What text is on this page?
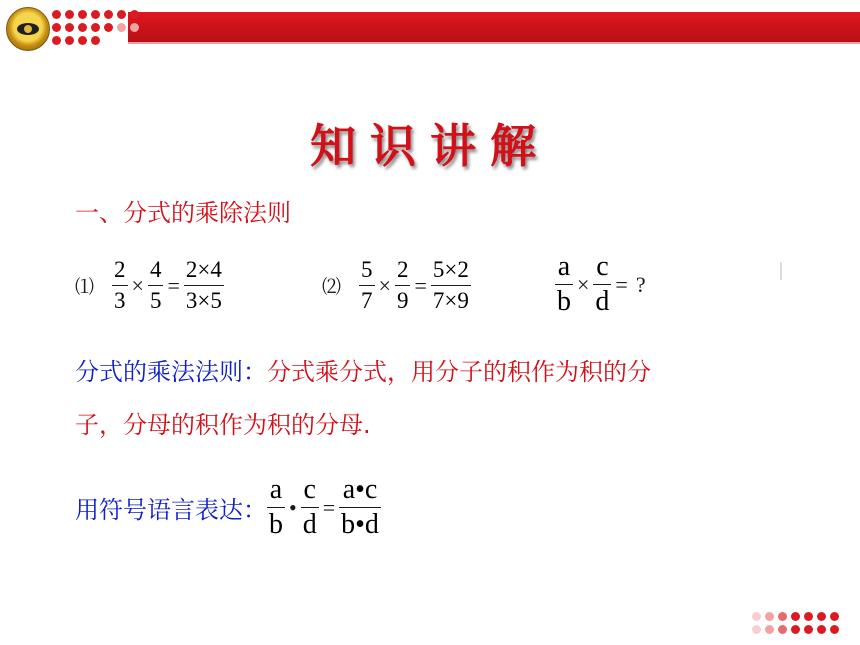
知识讲解
一、分式的乘除法则
⑴ $\frac{2}{3} \times \frac{4}{5} = \frac{2\times 4}{3\times 5}$	⑵ $\frac{5}{7} \times \frac{2}{9} = \frac{5\times 2}{7\times 9}$	$\frac{a}{b} \times \frac{c}{d}$ = ?
分式的乘法法则：分式乘分式，用分子的积作为积的分
子，分母的积作为积的分母.
用符号语言表达： $\frac{a}{b}$ • $\frac{c}{d} = \frac{a•c}{b•d}$
